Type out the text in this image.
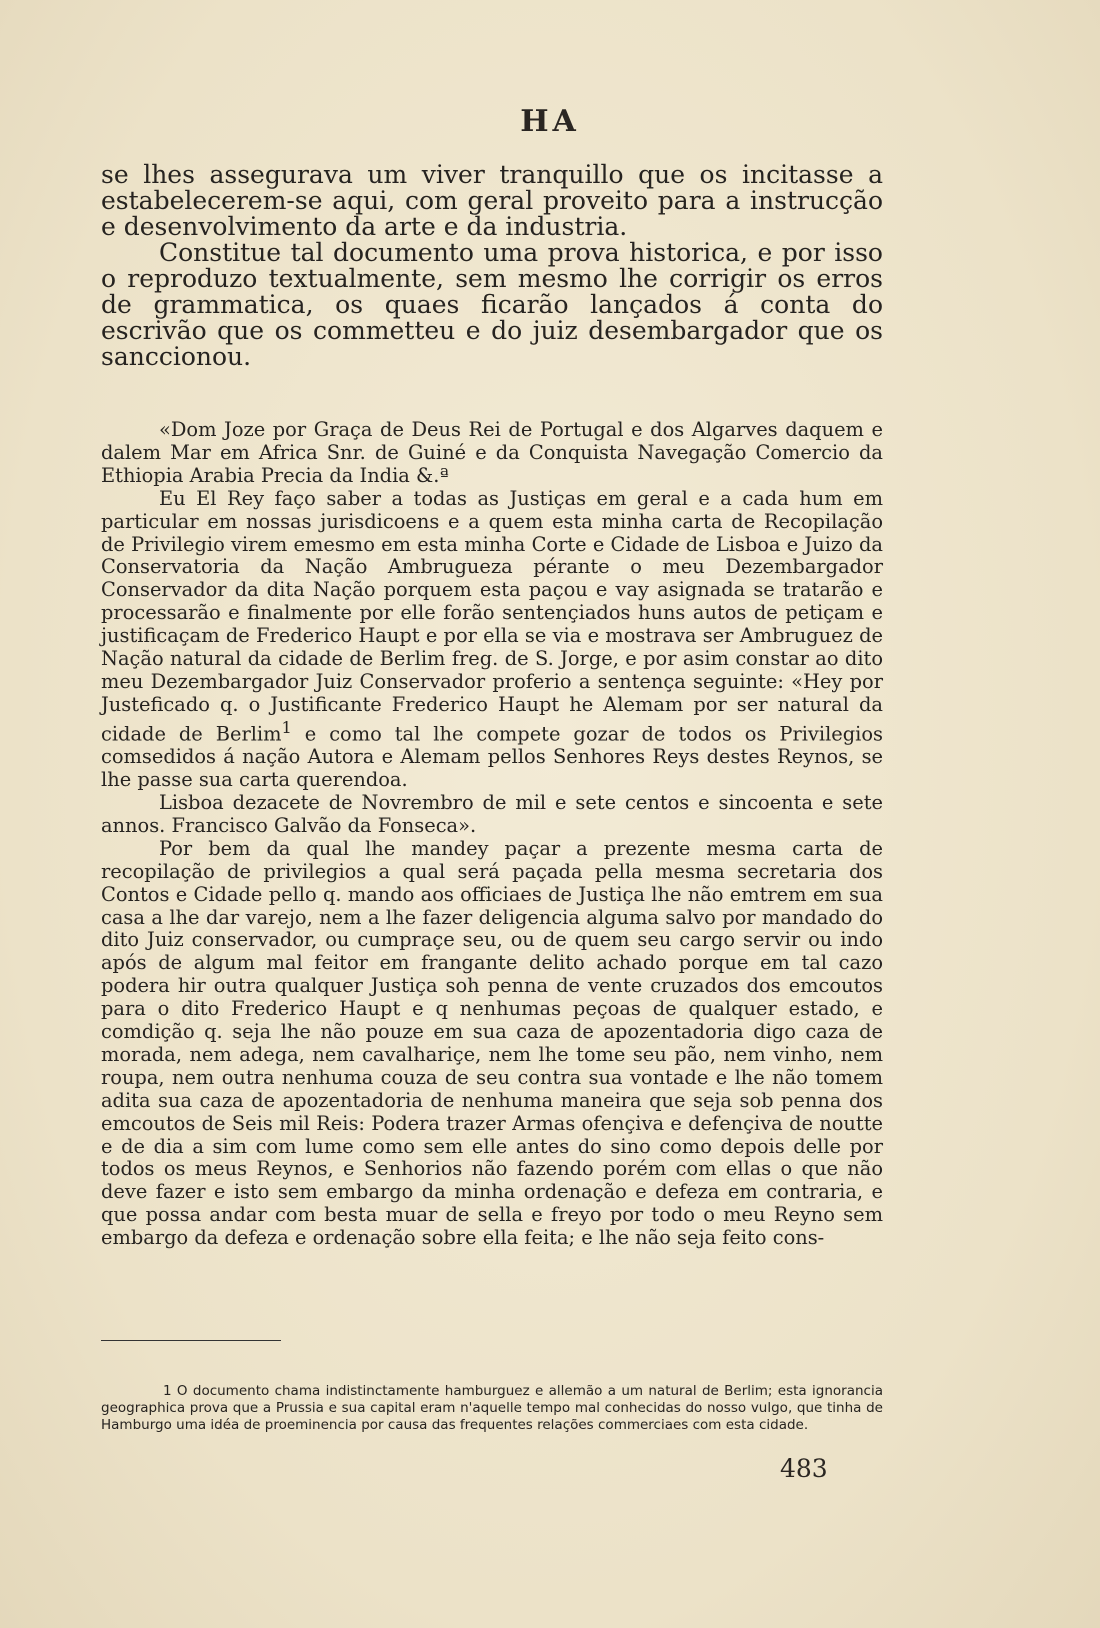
HA

se lhes assegurava um viver tranquillo que os incitasse a estabelecerem-se aqui, com geral proveito para a instrucção e desenvolvimento da arte e da industria.

Constitue tal documento uma prova historica, e por isso o reproduzo textualmente, sem mesmo lhe corrigir os erros de grammatica, os quaes ficarão lançados á conta do escrivão que os commetteu e do juiz desembargador que os sanccionou.

«Dom Joze por Graça de Deus Rei de Portugal e dos Algarves daquem e dalem Mar em Africa Snr. de Guiné e da Conquista Navegação Comercio da Ethiopia Arabia Precia da India &.ª

Eu El Rey faço saber a todas as Justiças em geral e a cada hum em particular em nossas jurisdicoens e a quem esta minha carta de Recopilação de Privilegio virem emesmo em esta minha Corte e Cidade de Lisboa e Juizo da Conservatoria da Nação Ambrugueza pérante o meu Dezembargador Conservador da dita Nação porquem esta paçou e vay asignada se tratarão e processarão e finalmente por elle forão sentençiados huns autos de petiçam e justificaçam de Frederico Haupt e por ella se via e mostrava ser Ambruguez de Nação natural da cidade de Berlim freg. de S. Jorge, e por asim constar ao dito meu Dezembargador Juiz Conservador proferio a sentença seguinte: «Hey por Justeficado q. o Justificante Frederico Haupt he Alemam por ser natural da cidade de Berlim$^1$ e como tal lhe compete gozar de todos os Privilegios comsedidos á nação Autora e Alemam pellos Senhores Reys destes Reynos, se lhe passe sua carta querendoa.

Lisboa dezacete de Novrembro de mil e sete centos e sincoenta e sete annos. Francisco Galvão da Fonseca».

Por bem da qual lhe mandey paçar a prezente mesma carta de recopilação de privilegios a qual será paçada pella mesma secretaria dos Contos e Cidade pello q. mando aos officiaes de Justiça lhe não emtrem em sua casa a lhe dar varejo, nem a lhe fazer deligencia alguma salvo por mandado do dito Juiz conservador, ou cumpraçe seu, ou de quem seu cargo servir ou indo após de algum mal feitor em frangante delito achado porque em tal cazo podera hir outra qualquer Justiça soh penna de vente cruzados dos emcoutos para o dito Frederico Haupt e q nenhumas peçoas de qualquer estado, e comdição q. seja lhe não pouze em sua caza de apozentadoria digo caza de morada, nem adega, nem cavalhariçe, nem lhe tome seu pão, nem vinho, nem roupa, nem outra nenhuma couza de seu contra sua vontade e lhe não tomem adita sua caza de apozentadoria de nenhuma maneira que seja sob penna dos emcoutos de Seis mil Reis: Podera trazer Armas ofençiva e defençiva de noutte e de dia a sim com lume como sem elle antes do sino como depois delle por todos os meus Reynos, e Senhorios não fazendo porém com ellas o que não deve fazer e isto sem embargo da minha ordenação e defeza em contraria, e que possa andar com besta muar de sella e freyo por todo o meu Reyno sem embargo da defeza e ordenação sobre ella feita; e lhe não seja feito cons-

1 O documento chama indistinctamente hamburguez e allemão a um natural de Berlim; esta ignorancia geographica prova que a Prussia e sua capital eram n'aquelle tempo mal conhecidas do nosso vulgo, que tinha de Hamburgo uma idéa de proeminencia por causa das frequentes relações commerciaes com esta cidade.

483
